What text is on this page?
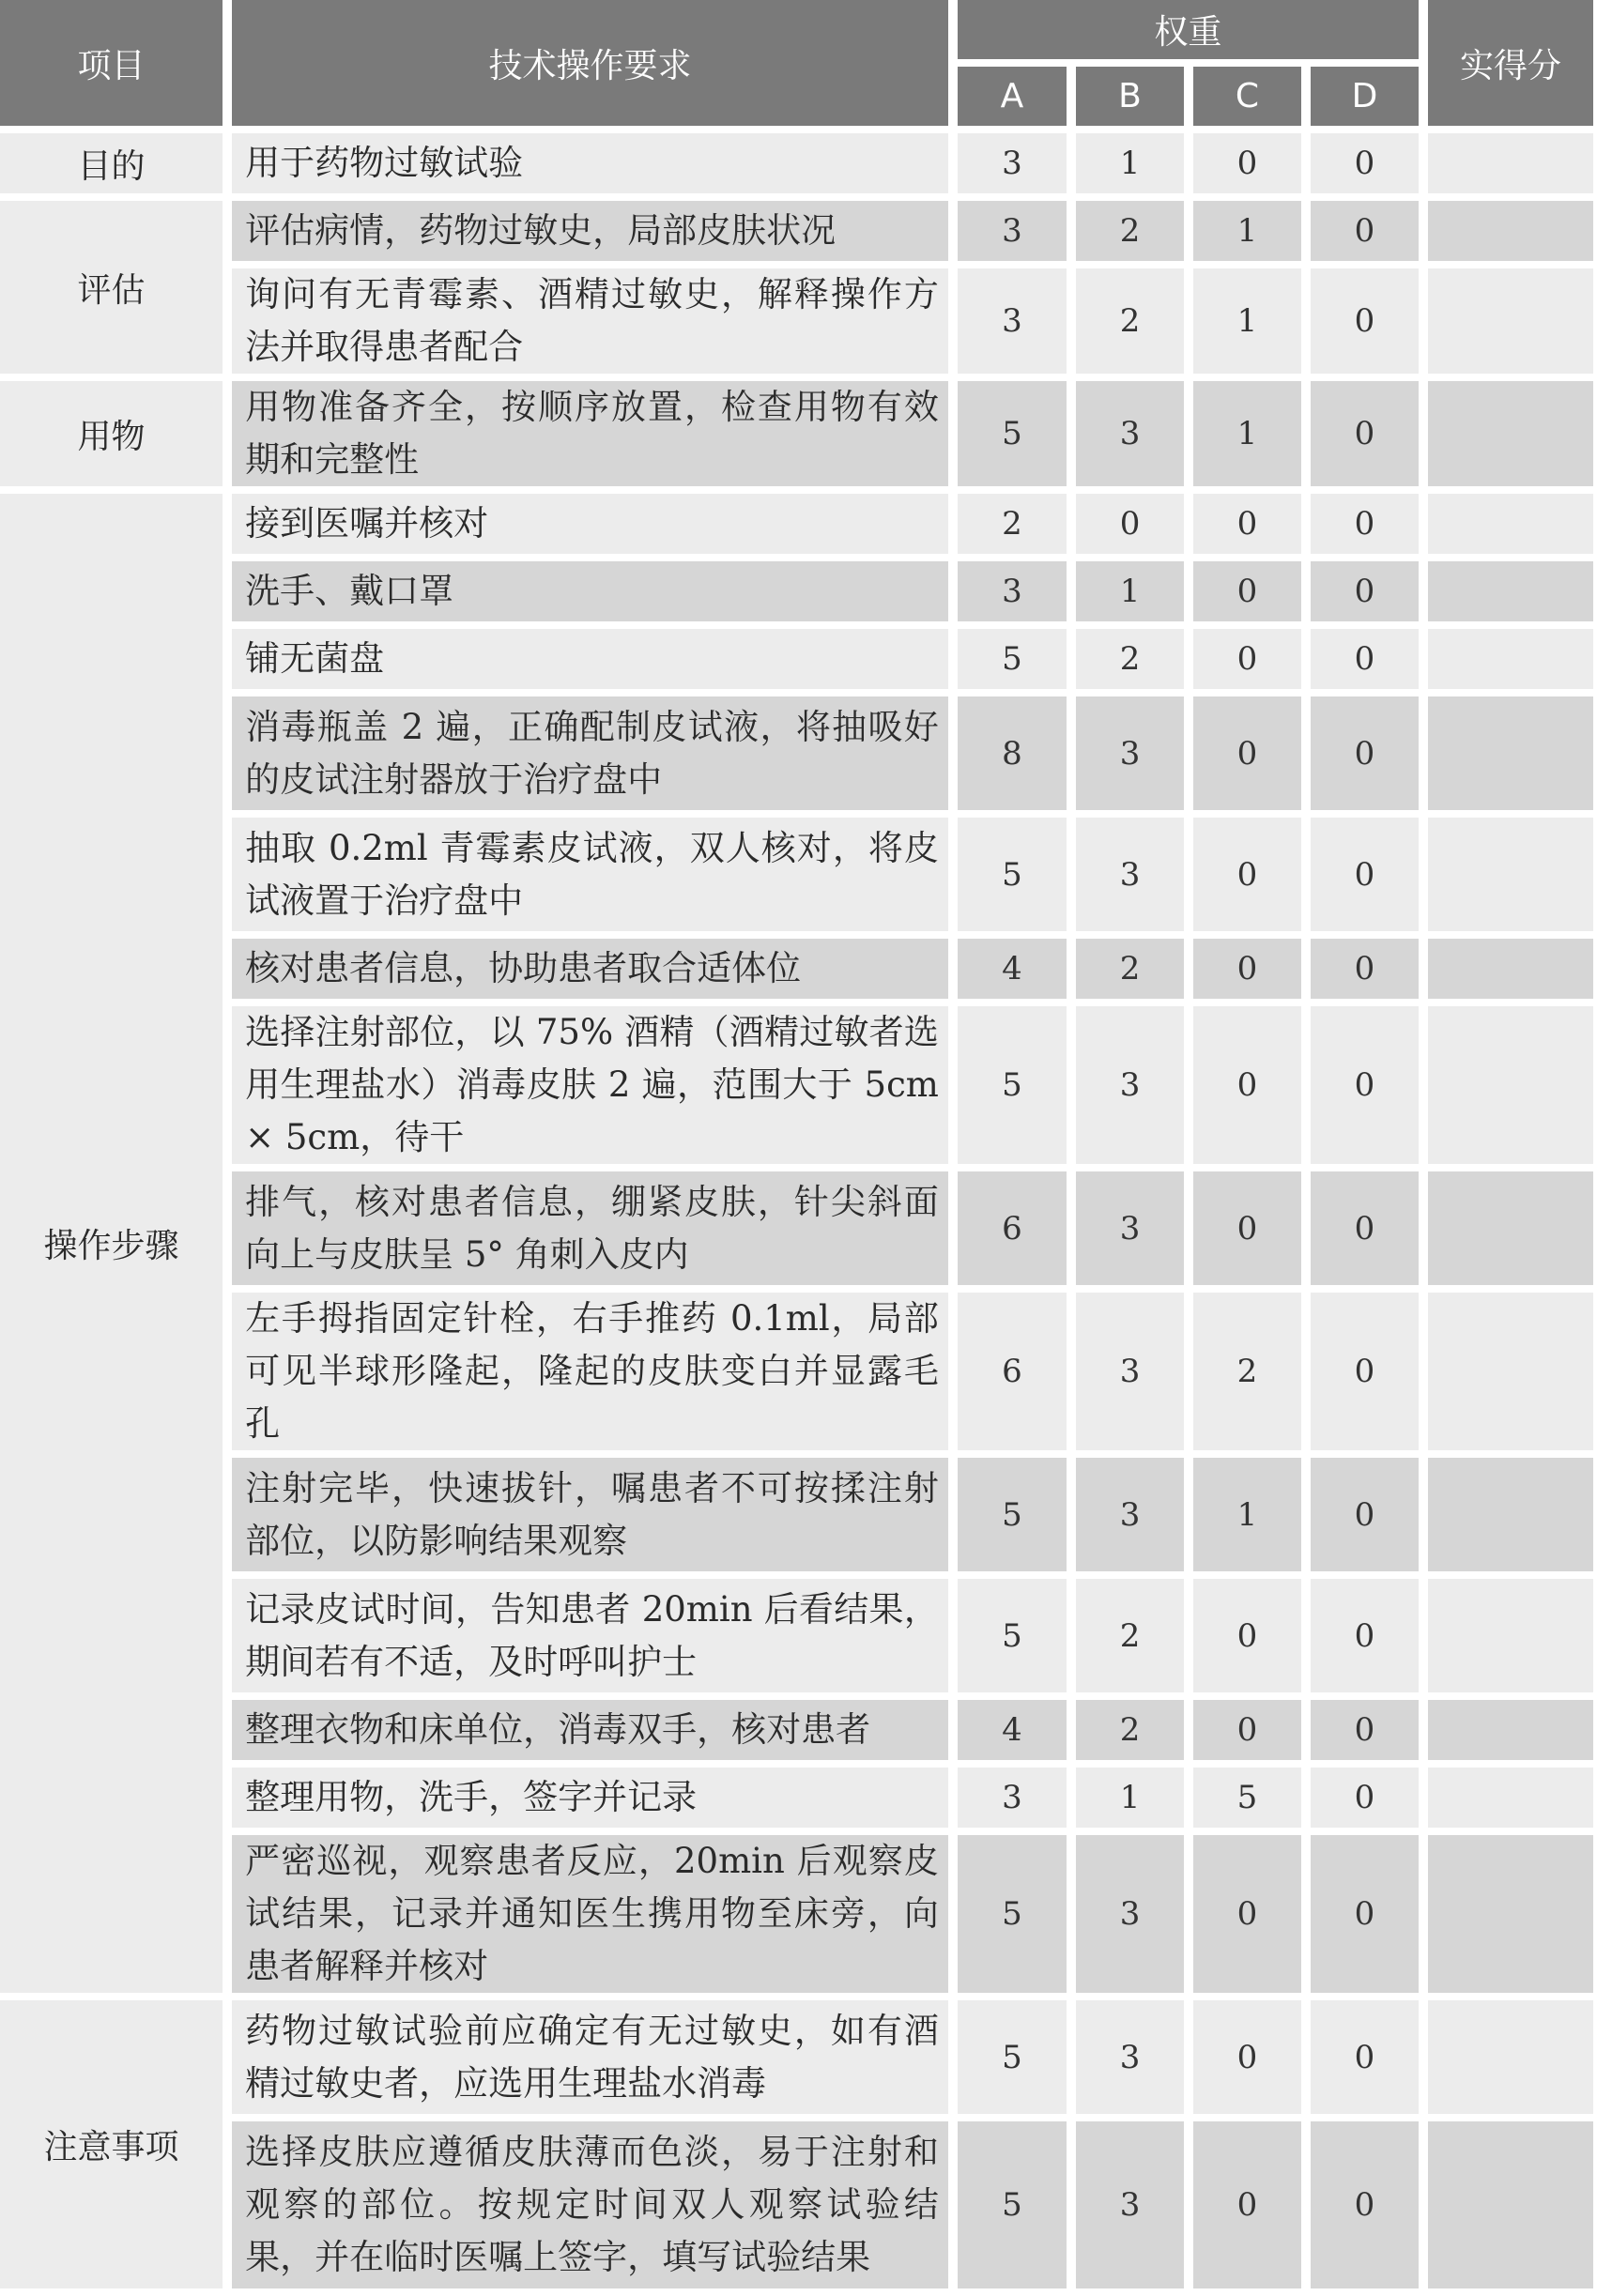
项目	技术操作要求	权重				实得分
		A	B	C	D	
目的	用于药物过敏试验	3	1	0	0	
评估	评估病情，药物过敏史，局部皮肤状况	3	2	1	0	
	询问有无青霉素、酒精过敏史，解释操作方法并取得患者配合	3	2	1	0	
用物	用物准备齐全，按顺序放置，检查用物有效期和完整性	5	3	1	0	
操作步骤	接到医嘱并核对	2	0	0	0	
	洗手、戴口罩	3	1	0	0	
	铺无菌盘	5	2	0	0	
	消毒瓶盖 2 遍，正确配制皮试液，将抽吸好的皮试注射器放于治疗盘中	8	3	0	0	
	抽取 0.2ml 青霉素皮试液，双人核对，将皮试液置于治疗盘中	5	3	0	0	
	核对患者信息，协助患者取合适体位	4	2	0	0	
	选择注射部位，以 75% 酒精（酒精过敏者选用生理盐水）消毒皮肤 2 遍，范围大于 5cm × 5cm，待干	5	3	0	0	
	排气，核对患者信息，绷紧皮肤，针尖斜面向上与皮肤呈 5° 角刺入皮内	6	3	0	0	
	左手拇指固定针栓，右手推药 0.1ml，局部可见半球形隆起，隆起的皮肤变白并显露毛孔	6	3	2	0	
	注射完毕，快速拔针，嘱患者不可按揉注射部位，以防影响结果观察	5	3	1	0	
	记录皮试时间，告知患者 20min 后看结果，期间若有不适，及时呼叫护士	5	2	0	0	
	整理衣物和床单位，消毒双手，核对患者	4	2	0	0	
	整理用物，洗手，签字并记录	3	1	5	0	
	严密巡视，观察患者反应，20min 后观察皮试结果，记录并通知医生携用物至床旁，向患者解释并核对	5	3	0	0	
注意事项	药物过敏试验前应确定有无过敏史，如有酒精过敏史者，应选用生理盐水消毒	5	3	0	0	
	选择皮肤应遵循皮肤薄而色淡，易于注射和观察的部位。按规定时间双人观察试验结果，并在临时医嘱上签字，填写试验结果	5	3	0	0	
